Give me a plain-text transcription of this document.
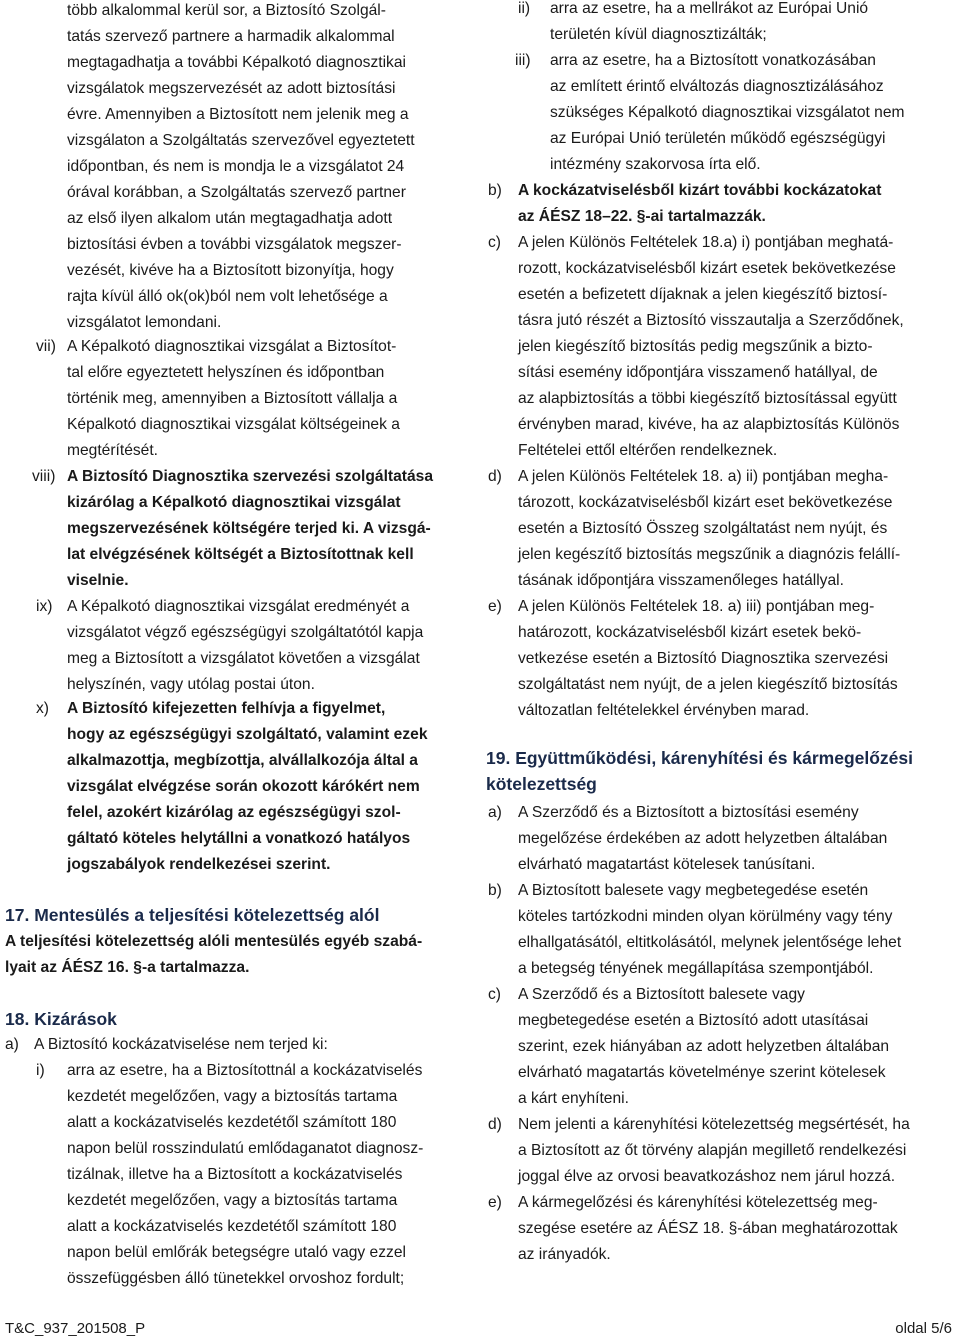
több alkalommal kerül sor, a Biztosító Szolgál-
tatás szervező partnere a harmadik alkalommal
megtagadhatja a további Képalkotó diagnosztikai
vizsgálatok megszervezését az adott biztosítási
évre. Amennyiben a Biztosított nem jelenik meg a
vizsgálaton a Szolgáltatás szervezővel egyeztetett
időpontban, és nem is mondja le a vizsgálatot 24
órával korábban, a Szolgáltatás szervező partner
az első ilyen alkalom után megtagadhatja adott
biztosítási évben a további vizsgálatok megszer-
vezését, kivéve ha a Biztosított bizonyítja, hogy
rajta kívül álló ok(ok)ból nem volt lehetősége a
vizsgálatot lemondani.
vii) A Képalkotó diagnosztikai vizsgálat a Biztosítot-
tal előre egyeztetett helyszínen és időpontban
történik meg, amennyiben a Biztosított vállalja a
Képalkotó diagnosztikai vizsgálat költségeinek a
megtérítését.
viii) A Biztosító Diagnosztika szervezési szolgáltatása
kizárólag a Képalkotó diagnosztikai vizsgálat
megszervezésének költségére terjed ki. A vizsgá-
lat elvégzésének költségét a Biztosítottnak kell
viselnie.
ix) A Képalkotó diagnosztikai vizsgálat eredményét a
vizsgálatot végző egészségügyi szolgáltatótól kapja
meg a Biztosított a vizsgálatot követően a vizsgálat
helyszínén, vagy utólag postai úton.
x) A Biztosító kifejezetten felhívja a figyelmet,
hogy az egészségügyi szolgáltató, valamint ezek
alkalmazottja, megbízottja, alvállalkozója által a
vizsgálat elvégzése során okozott kárókért nem
felel, azokért kizárólag az egészségügyi szol-
gáltató köteles helytállni a vonatkozó hatályos
jogszabályok rendelkezései szerint.
17. Mentesülés a teljesítési kötelezettség alól
A teljesítési kötelezettség alóli mentesülés egyéb szabá-
lyait az ÁÉSZ 16. §-a tartalmazza.
18. Kizárások
a) A Biztosító kockázatviselése nem terjed ki:
i) arra az esetre, ha a Biztosítottnál a kockázatviselés
kezdetét megelőzően, vagy a biztosítás tartama
alatt a kockázatviselés kezdetétől számított 180
napon belül rosszindulatú emlődaganatot diagnosz-
tizálnak, illetve ha a Biztosított a kockázatviselés
kezdetét megelőzően, vagy a biztosítás tartama
alatt a kockázatviselés kezdetétől számított 180
napon belül emlőrák betegségre utaló vagy ezzel
összefüggésben álló tünetekkel orvoshoz fordult;
ii) arra az esetre, ha a mellrákot az Európai Unió
területén kívül diagnosztizálták;
iii) arra az esetre, ha a Biztosított vonatkozásában
az említett érintő elváltozás diagnosztizálásához
szükséges Képalkotó diagnosztikai vizsgálatot nem
az Európai Unió területén működő egészségügyi
intézmény szakorvosa írta elő.
b) A kockázatviselésből kizárt további kockázatokat
az ÁÉSZ 18–22. §-ai tartalmazzák.
c) A jelen Különös Feltételek 18.a) i) pontjában meghatá-
rozott, kockázatviselésből kizárt esetek bekövetkezése
esetén a befizetett díjaknak a jelen kiegészítő biztosí-
tásra jutó részét a Biztosító visszautalja a Szerződőnek,
jelen kiegészítő biztosítás pedig megszűnik a bizto-
sítási esemény időpontjára visszamenő hatállyal, de
az alapbiztosítás a többi kiegészítő biztosítással együtt
érvényben marad, kivéve, ha az alapbiztosítás Különös
Feltételei ettől eltérően rendelkeznek.
d) A jelen Különös Feltételek 18. a) ii) pontjában megha-
tározott, kockázatviselésből kizárt eset bekövetkezése
esetén a Biztosító Összeg szolgáltatást nem nyújt, és
jelen kegészítő biztosítás megszűnik a diagnózis felállí-
tásának időpontjára visszamenőleges hatállyal.
e) A jelen Különös Feltételek 18. a) iii) pontjában meg-
határozott, kockázatviselésből kizárt esetek bekö-
vetkezése esetén a Biztosító Diagnosztika szervezési
szolgáltatást nem nyújt, de a jelen kiegészítő biztosítás
változatlan feltételekkel érvényben marad.
19. Együttműködési, kárenyhítési és kármegelőzési
kötelezettség
a) A Szerződő és a Biztosított a biztosítási esemény
megelőzése érdekében az adott helyzetben általában
elvárható magatartást kötelesek tanúsítani.
b) A Biztosított balesete vagy megbetegedése esetén
köteles tartózkodni minden olyan körülmény vagy tény
elhallgatásától, eltitkolásától, melynek jelentősége lehet
a betegség tényének megállapítása szempontjából.
c) A Szerződő és a Biztosított balesete vagy
megbetegedése esetén a Biztosító adott utasításai
szerint, ezek hiányában az adott helyzetben általában
elvárható magatartás követelménye szerint kötelesek
a kárt enyhíteni.
d) Nem jelenti a kárenyhítési kötelezettség megsértését, ha
a Biztosított az őt törvény alapján megillető rendelkezési
joggal élve az orvosi beavatkozáshoz nem járul hozzá.
e) A kármegelőzési és kárenyhítési kötelezettség meg-
szegése esetére az ÁÉSZ 18. §-ában meghatározottak
az irányadók.
T&C_937_201508_P	oldal 5/6
